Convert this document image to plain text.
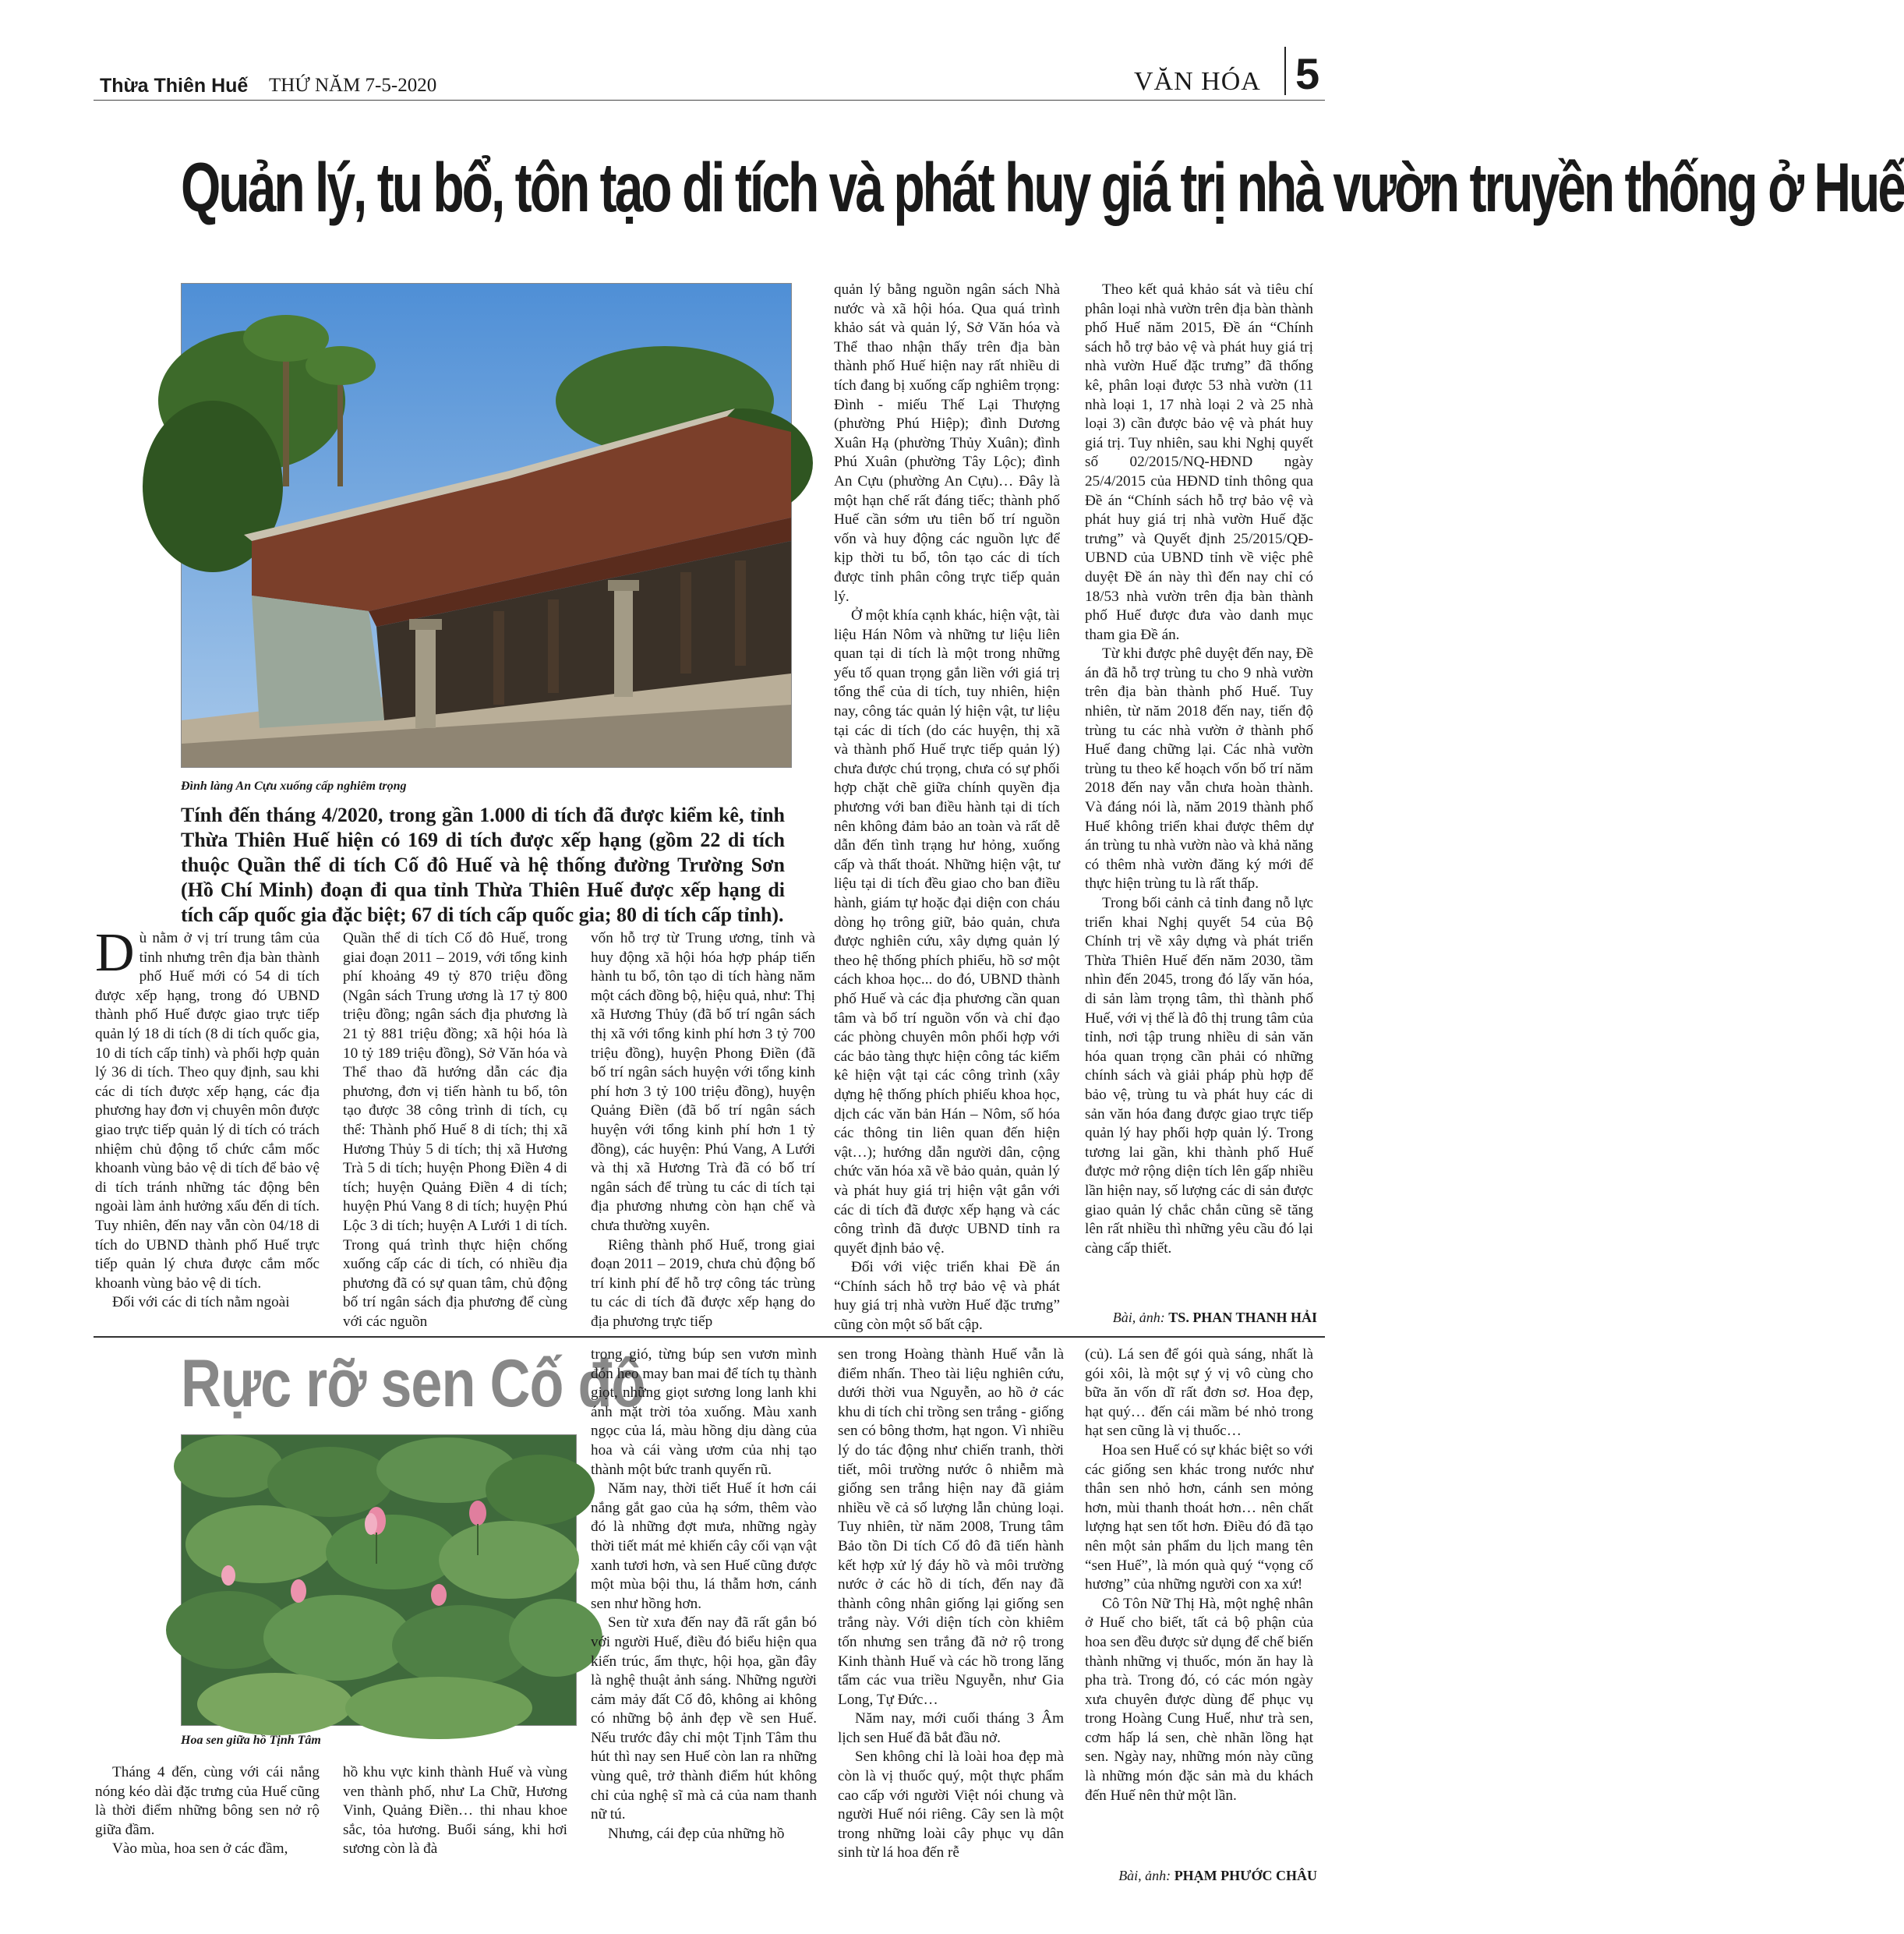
Thừa Thiên Huế THỨ NĂM 7-5-2020	VĂN HÓA 5
Quản lý, tu bổ, tôn tạo di tích và phát huy giá trị nhà vườn truyền thống ở Huế
Đình làng An Cựu xuống cấp nghiêm trọng
Tính đến tháng 4/2020, trong gần 1.000 di tích đã được kiểm kê, tỉnh Thừa Thiên Huế hiện có 169 di tích được xếp hạng (gồm 22 di tích thuộc Quần thể di tích Cố đô Huế và hệ thống đường Trường Sơn (Hồ Chí Minh) đoạn đi qua tỉnh Thừa Thiên Huế được xếp hạng di tích cấp quốc gia đặc biệt; 67 di tích cấp quốc gia; 80 di tích cấp tỉnh).

Dù nằm ở vị trí trung tâm của tỉnh nhưng trên địa bàn thành phố Huế mới có 54 di tích được xếp hạng, trong đó UBND thành phố Huế được giao trực tiếp quản lý 18 di tích (8 di tích quốc gia, 10 di tích cấp tỉnh) và phối hợp quản lý 36 di tích. Theo quy định, sau khi các di tích được xếp hạng, các địa phương hay đơn vị chuyên môn được giao trực tiếp quản lý di tích có trách nhiệm chủ động tổ chức cắm mốc khoanh vùng bảo vệ di tích để bảo vệ di tích tránh những tác động bên ngoài làm ảnh hưởng xấu đến di tích. Tuy nhiên, đến nay vẫn còn 04/18 di tích do UBND thành phố Huế trực tiếp quản lý chưa được cắm mốc khoanh vùng bảo vệ di tích.

Đối với các di tích nằm ngoài

Quần thể di tích Cố đô Huế, trong giai đoạn 2011 – 2019, với tổng kinh phí khoảng 49 tỷ 870 triệu đồng (Ngân sách Trung ương là 17 tỷ 800 triệu đồng; ngân sách địa phương là 21 tỷ 881 triệu đồng; xã hội hóa là 10 tỷ 189 triệu đồng), Sở Văn hóa và Thể thao đã hướng dẫn các địa phương, đơn vị tiến hành tu bổ, tôn tạo được 38 công trình di tích, cụ thể: Thành phố Huế 8 di tích; thị xã Hương Thủy 5 di tích; thị xã Hương Trà 5 di tích; huyện Phong Điền 4 di tích; huyện Quảng Điền 4 di tích; huyện Phú Vang 8 di tích; huyện Phú Lộc 3 di tích; huyện A Lưới 1 di tích. Trong quá trình thực hiện chống xuống cấp các di tích, có nhiều địa phương đã có sự quan tâm, chủ động bố trí ngân sách địa phương để cùng với các nguồn

vốn hỗ trợ từ Trung ương, tỉnh và huy động xã hội hóa hợp pháp tiến hành tu bổ, tôn tạo di tích hàng năm một cách đồng bộ, hiệu quả, như: Thị xã Hương Thủy (đã bố trí ngân sách thị xã với tổng kinh phí hơn 3 tỷ 700 triệu đồng), huyện Phong Điền (đã bố trí ngân sách huyện với tổng kinh phí hơn 3 tỷ 100 triệu đồng), huyện Quảng Điền (đã bố trí ngân sách huyện với tổng kinh phí hơn 1 tỷ đồng), các huyện: Phú Vang, A Lưới và thị xã Hương Trà đã có bố trí ngân sách để trùng tu các di tích tại địa phương nhưng còn hạn chế và chưa thường xuyên.

Riêng thành phố Huế, trong giai đoạn 2011 – 2019, chưa chủ động bố trí kinh phí để hỗ trợ công tác trùng tu các di tích đã được xếp hạng do địa phương trực tiếp

quản lý bằng nguồn ngân sách Nhà nước và xã hội hóa. Qua quá trình khảo sát và quản lý, Sở Văn hóa và Thể thao nhận thấy trên địa bàn thành phố Huế hiện nay rất nhiều di tích đang bị xuống cấp nghiêm trọng: Đình - miếu Thế Lại Thượng (phường Phú Hiệp); đình Dương Xuân Hạ (phường Thủy Xuân); đình Phú Xuân (phường Tây Lộc); đình An Cựu (phường An Cựu)… Đây là một hạn chế rất đáng tiếc; thành phố Huế cần sớm ưu tiên bố trí nguồn vốn và huy động các nguồn lực để kịp thời tu bổ, tôn tạo các di tích được tỉnh phân công trực tiếp quản lý.

Ở một khía cạnh khác, hiện vật, tài liệu Hán Nôm và những tư liệu liên quan tại di tích là một trong những yếu tố quan trọng gắn liền với giá trị tổng thể của di tích, tuy nhiên, hiện nay, công tác quản lý hiện vật, tư liệu tại các di tích (do các huyện, thị xã và thành phố Huế trực tiếp quản lý) chưa được chú trọng, chưa có sự phối hợp chặt chẽ giữa chính quyền địa phương với ban điều hành tại di tích nên không đảm bảo an toàn và rất dễ dẫn đến tình trạng hư hỏng, xuống cấp và thất thoát. Những hiện vật, tư liệu tại di tích đều giao cho ban điều hành, giám tự hoặc đại diện con cháu dòng họ trông giữ, bảo quản, chưa được nghiên cứu, xây dựng quản lý theo hệ thống phích phiếu, hồ sơ một cách khoa học... do đó, UBND thành phố Huế và các địa phương cần quan tâm và bố trí nguồn vốn và chỉ đạo các phòng chuyên môn phối hợp với các bảo tàng thực hiện công tác kiểm kê hiện vật tại các công trình (xây dựng hệ thống phích phiếu khoa học, dịch các văn bản Hán – Nôm, số hóa các thông tin liên quan đến hiện vật…); hướng dẫn người dân, cộng chức văn hóa xã về bảo quản, quản lý và phát huy giá trị hiện vật gắn với các di tích đã được xếp hạng và các công trình đã được UBND tỉnh ra quyết định bảo vệ.

Đối với việc triển khai Đề án “Chính sách hỗ trợ bảo vệ và phát huy giá trị nhà vườn Huế đặc trưng” cũng còn một số bất cập.

Theo kết quả khảo sát và tiêu chí phân loại nhà vườn trên địa bàn thành phố Huế năm 2015, Đề án “Chính sách hỗ trợ bảo vệ và phát huy giá trị nhà vườn Huế đặc trưng” đã thống kê, phân loại được 53 nhà vườn (11 nhà loại 1, 17 nhà loại 2 và 25 nhà loại 3) cần được bảo vệ và phát huy giá trị. Tuy nhiên, sau khi Nghị quyết số 02/2015/NQ-HĐND ngày 25/4/2015 của HĐND tỉnh thông qua Đề án “Chính sách hỗ trợ bảo vệ và phát huy giá trị nhà vườn Huế đặc trưng” và Quyết định 25/2015/QĐ-UBND của UBND tỉnh về việc phê duyệt Đề án này thì đến nay chỉ có 18/53 nhà vườn trên địa bàn thành phố Huế được đưa vào danh mục tham gia Đề án.

Từ khi được phê duyệt đến nay, Đề án đã hỗ trợ trùng tu cho 9 nhà vườn trên địa bàn thành phố Huế. Tuy nhiên, từ năm 2018 đến nay, tiến độ trùng tu các nhà vườn ở thành phố Huế đang chững lại. Các nhà vườn trùng tu theo kế hoạch vốn bố trí năm 2018 đến nay vẫn chưa hoàn thành. Và đáng nói là, năm 2019 thành phố Huế không triển khai được thêm dự án trùng tu nhà vườn nào và khả năng có thêm nhà vườn đăng ký mới để thực hiện trùng tu là rất thấp.

Trong bối cảnh cả tỉnh đang nỗ lực triển khai Nghị quyết 54 của Bộ Chính trị về xây dựng và phát triển Thừa Thiên Huế đến năm 2030, tầm nhìn đến 2045, trong đó lấy văn hóa, di sản làm trọng tâm, thì thành phố Huế, với vị thế là đô thị trung tâm của tỉnh, nơi tập trung nhiều di sản văn hóa quan trọng cần phải có những chính sách và giải pháp phù hợp để bảo vệ, trùng tu và phát huy các di sản văn hóa đang được giao trực tiếp quản lý hay phối hợp quản lý. Trong tương lai gần, khi thành phố Huế được mở rộng diện tích lên gấp nhiều lần hiện nay, số lượng các di sản được giao quản lý chắc chắn cũng sẽ tăng lên rất nhiều thì những yêu cầu đó lại càng cấp thiết.

Bài, ảnh: TS. PHAN THANH HẢI
Rực rỡ sen Cố đô
Hoa sen giữa hồ Tịnh Tâm

Tháng 4 đến, cùng với cái nắng nóng kéo dài đặc trưng của Huế cũng là thời điểm những bông sen nở rộ giữa đầm.

Vào mùa, hoa sen ở các đầm,

hồ khu vực kinh thành Huế và vùng ven thành phố, như La Chữ, Hương Vinh, Quảng Điền… thi nhau khoe sắc, tỏa hương. Buổi sáng, khi hơi sương còn là đà

trong gió, từng búp sen vươn mình đón heo may ban mai để tích tụ thành giọt, những giọt sương long lanh khi ánh mặt trời tỏa xuống. Màu xanh ngọc của lá, màu hồng dịu dàng của hoa và cái vàng ươm của nhị tạo thành một bức tranh quyến rũ.

Năm nay, thời tiết Huế ít hơn cái nắng gắt gao của hạ sớm, thêm vào đó là những đợt mưa, những ngày thời tiết mát mẻ khiến cây cối vạn vật xanh tươi hơn, và sen Huế cũng được một mùa bội thu, lá thẫm hơn, cánh sen như hồng hơn.

Sen từ xưa đến nay đã rất gắn bó với người Huế, điều đó biểu hiện qua kiến trúc, ẩm thực, hội họa, gần đây là nghệ thuật ảnh sáng. Những người cảm mảy đất Cố đô, không ai không có những bộ ảnh đẹp về sen Huế. Nếu trước đây chỉ một Tịnh Tâm thu hút thì nay sen Huế còn lan ra những vùng quê, trở thành điểm hút không chỉ của nghệ sĩ mà cả của nam thanh nữ tú.

Nhưng, cái đẹp của những hồ

sen trong Hoàng thành Huế vẫn là điểm nhấn. Theo tài liệu nghiên cứu, dưới thời vua Nguyễn, ao hồ ở các khu di tích chỉ trồng sen trắng - giống sen có bông thơm, hạt ngon. Vì nhiều lý do tác động như chiến tranh, thời tiết, môi trường nước ô nhiễm mà giống sen trắng hiện nay đã giảm nhiều về cả số lượng lẫn chủng loại. Tuy nhiên, từ năm 2008, Trung tâm Bảo tồn Di tích Cố đô đã tiến hành kết hợp xử lý đáy hồ và môi trường nước ở các hồ di tích, đến nay đã thành công nhân giống lại giống sen trắng này. Với diện tích còn khiêm tốn nhưng sen trắng đã nở rộ trong Kinh thành Huế và các hồ trong lăng tẩm các vua triều Nguyễn, như Gia Long, Tự Đức…

Năm nay, mới cuối tháng 3 Âm lịch sen Huế đã bắt đầu nở.

Sen không chỉ là loài hoa đẹp mà còn là vị thuốc quý, một thực phẩm cao cấp với người Việt nói chung và người Huế nói riêng. Cây sen là một trong những loài cây phục vụ dân sinh từ lá hoa đến rễ

(củ). Lá sen để gói quà sáng, nhất là gói xôi, là một sự ý vị vô cùng cho bữa ăn vốn dĩ rất đơn sơ. Hoa đẹp, hạt quý… đến cái mầm bé nhỏ trong hạt sen cũng là vị thuốc…

Hoa sen Huế có sự khác biệt so với các giống sen khác trong nước như thân sen nhỏ hơn, cánh sen mỏng hơn, mùi thanh thoát hơn… nên chất lượng hạt sen tốt hơn. Điều đó đã tạo nên một sản phẩm du lịch mang tên “sen Huế”, là món quà quý “vọng cố hương” của những người con xa xứ!

Cô Tôn Nữ Thị Hà, một nghệ nhân ở Huế cho biết, tất cả bộ phận của hoa sen đều được sử dụng để chế biến thành những vị thuốc, món ăn hay là pha trà. Trong đó, có các món ngày xưa chuyên được dùng để phục vụ trong Hoàng Cung Huế, như trà sen, cơm hấp lá sen, chè nhãn lồng hạt sen. Ngày nay, những món này cũng là những món đặc sản mà du khách đến Huế nên thử một lần.

Bài, ảnh: PHẠM PHƯỚC CHÂU
